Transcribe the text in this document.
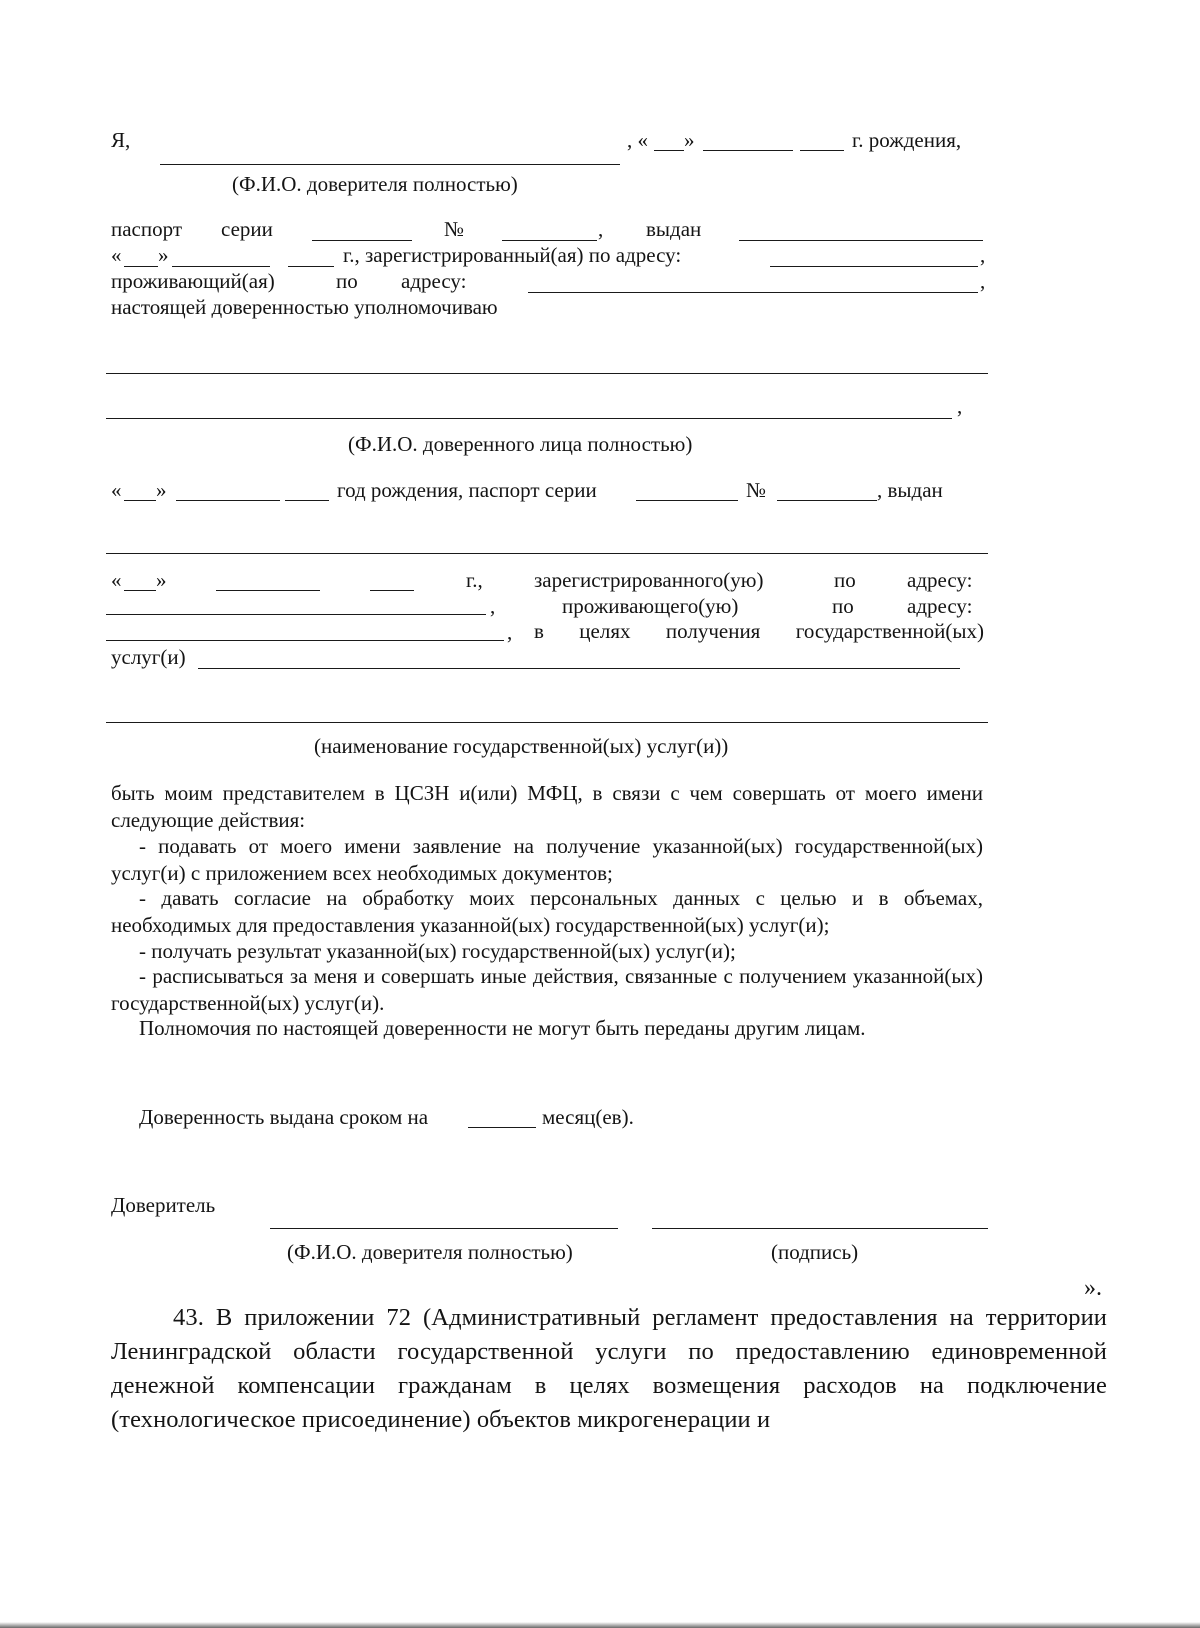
Я,	, « »	г. рождения,
(Ф.И.О. доверителя полностью)
паспорт серии	№	, выдан
« »	г., зарегистрированный(ая) по адресу:	,
проживающий(ая)	по адресу:	,
настоящей доверенностью уполномочиваю
,
(Ф.И.О. доверенного лица полностью)
« »	год рождения, паспорт серии	№	, выдан
« »	г., зарегистрированного(ую)	по адресу:
,	проживающего(ую)	по	адресу:
, в целях получения государственной(ых)
услуг(и)
(наименование государственной(ых) услуг(и))
быть моим представителем в ЦСЗН и(или) МФЦ, в связи с чем совершать от моего имени следующие действия:
- подавать от моего имени заявление на получение указанной(ых) государственной(ых) услуг(и) с приложением всех необходимых документов;
- давать согласие на обработку моих персональных данных с целью и в объемах, необходимых для предоставления указанной(ых) государственной(ых) услуг(и);
- получать результат указанной(ых) государственной(ых) услуг(и);
- расписываться за меня и совершать иные действия, связанные с получением указанной(ых) государственной(ых) услуг(и).
Полномочия по настоящей доверенности не могут быть переданы другим лицам.
Доверенность выдана сроком на	месяц(ев).
Доверитель
(Ф.И.О. доверителя полностью)	(подпись)
».
43. В приложении 72 (Административный регламент предоставления на территории Ленинградской области государственной услуги по предоставлению единовременной денежной компенсации гражданам в целях возмещения расходов на подключение (технологическое присоединение) объектов микрогенерации и
